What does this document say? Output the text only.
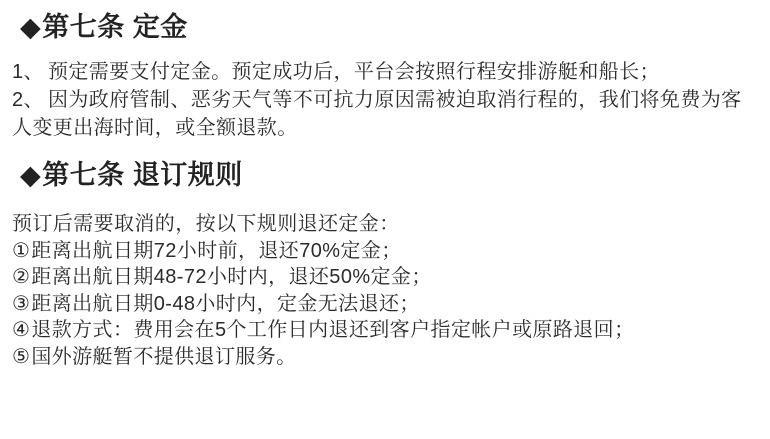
◆第七条 定金

1、 预定需要支付定金。预定成功后，平台会按照行程安排游艇和船长；

2、 因为政府管制、恶劣天气等不可抗力原因需被迫取消行程的，我们将免费为客人变更出海时间，或全额退款。

◆第七条 退订规则

预订后需要取消的，按以下规则退还定金：

①距离出航日期72小时前，退还70%定金；

②距离出航日期48-72小时内，退还50%定金；

③距离出航日期0-48小时内，定金无法退还；

④退款方式：费用会在5个工作日内退还到客户指定帐户或原路退回；

⑤国外游艇暂不提供退订服务。
